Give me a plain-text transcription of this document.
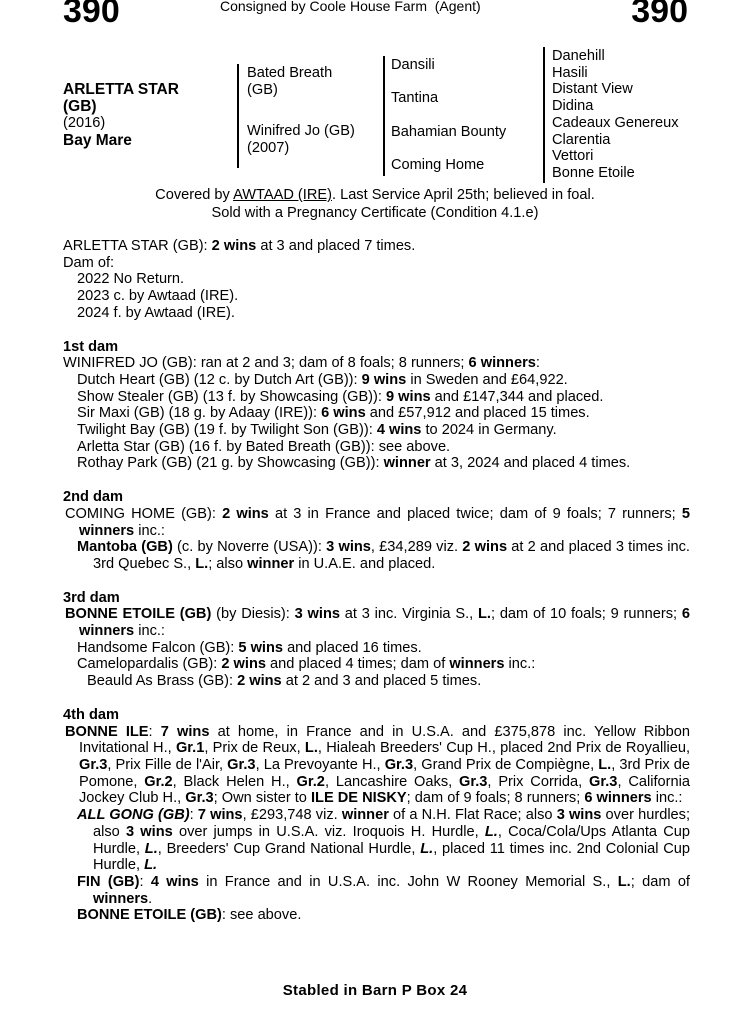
390	Consigned by Coole House Farm  (Agent)	390
ARLETTA STAR
(GB)
(2016)
Bay Mare
Bated Breath
(GB)
Winifred Jo (GB)
(2007)
Dansili
Tantina
Bahamian Bounty
Coming Home
Danehill
Hasili
Distant View
Didina
Cadeaux Genereux
Clarentia
Vettori
Bonne Etoile
Covered by AWTAAD (IRE). Last Service April 25th; believed in foal.
Sold with a Pregnancy Certificate (Condition 4.1.e)

ARLETTA STAR (GB): 2 wins at 3 and placed 7 times.

Dam of:

2022 No Return.

2023 c. by Awtaad (IRE).

2024 f. by Awtaad (IRE).

1st dam

WINIFRED JO (GB): ran at 2 and 3; dam of 8 foals; 8 runners; 6 winners:

Dutch Heart (GB) (12 c. by Dutch Art (GB)): 9 wins in Sweden and £64,922.

Show Stealer (GB) (13 f. by Showcasing (GB)): 9 wins and £147,344 and placed.

Sir Maxi (GB) (18 g. by Adaay (IRE)): 6 wins and £57,912 and placed 15 times.

Twilight Bay (GB) (19 f. by Twilight Son (GB)): 4 wins to 2024 in Germany.

Arletta Star (GB) (16 f. by Bated Breath (GB)): see above.

Rothay Park (GB) (21 g. by Showcasing (GB)): winner at 3, 2024 and placed 4 times.

2nd dam

COMING HOME (GB): 2 wins at 3 in France and placed twice; dam of 9 foals; 7 runners; 5 winners inc.:

Mantoba (GB) (c. by Noverre (USA)): 3 wins, £34,289 viz. 2 wins at 2 and placed 3 times inc. 3rd Quebec S., L.; also winner in U.A.E. and placed.

3rd dam

BONNE ETOILE (GB) (by Diesis): 3 wins at 3 inc. Virginia S., L.; dam of 10 foals; 9 runners; 6 winners inc.:

Handsome Falcon (GB): 5 wins and placed 16 times.

Camelopardalis (GB): 2 wins and placed 4 times; dam of winners inc.:

Beauld As Brass (GB): 2 wins at 2 and 3 and placed 5 times.

4th dam

BONNE ILE: 7 wins at home, in France and in U.S.A. and £375,878 inc. Yellow Ribbon Invitational H., Gr.1, Prix de Reux, L., Hialeah Breeders' Cup H., placed 2nd Prix de Royallieu, Gr.3, Prix Fille de l'Air, Gr.3, La Prevoyante H., Gr.3, Grand Prix de Compiègne, L., 3rd Prix de Pomone, Gr.2, Black Helen H., Gr.2, Lancashire Oaks, Gr.3, Prix Corrida, Gr.3, California Jockey Club H., Gr.3; Own sister to ILE DE NISKY; dam of 9 foals; 8 runners; 6 winners inc.:

ALL GONG (GB): 7 wins, £293,748 viz. winner of a N.H. Flat Race; also 3 wins over hurdles; also 3 wins over jumps in U.S.A. viz. Iroquois H. Hurdle, L., Coca/Cola/Ups Atlanta Cup Hurdle, L., Breeders' Cup Grand National Hurdle, L., placed 11 times inc. 2nd Colonial Cup Hurdle, L.

FIN (GB): 4 wins in France and in U.S.A. inc. John W Rooney Memorial S., L.; dam of winners.

BONNE ETOILE (GB): see above.

Stabled in Barn P Box 24
